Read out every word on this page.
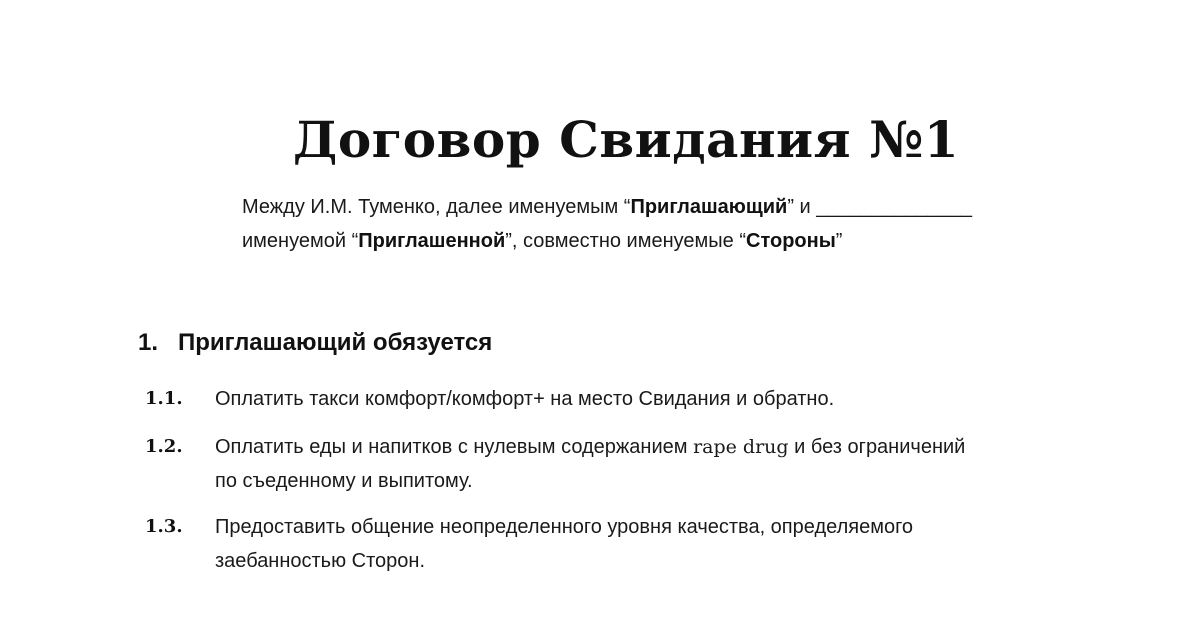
Договор Свидания №1
Между И.М. Туменко, далее именуемым “Приглашающий” и ______________
именуемой “Приглашенной”, совместно именуемые “Стороны”
1. Приглашающий обязуется
1.1. Оплатить такси комфорт/комфорт+ на место Свидания и обратно.
1.2. Оплатить еды и напитков с нулевым содержанием rape drug и без ограничений
по съеденному и выпитому.
1.3. Предоставить общение неопределенного уровня качества, определяемого
заебанностью Сторон.
